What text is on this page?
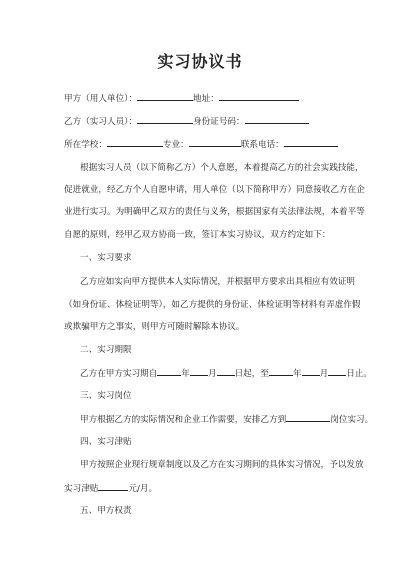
实习协议书
甲方（用人单位）：	地址：
乙方（实习人员）：	身份证号码：
所在学校：	专业：	联系电话：
根据实习人员（以下简称乙方）个人意愿，本着提高乙方的社会实践技能，
促进就业，经乙方个人自愿申请，用人单位（以下简称甲方）同意接收乙方在企
业进行实习。为明确甲乙双方的责任与义务，根据国家有关法律法规，本着平等
自愿的原则，经甲乙双方协商一致，签订本实习协议，双方约定如下：
一、实习要求
乙方应如实向甲方提供本人实际情况，并根据甲方要求出具相应有效证明
（如身份证、体检证明等），如乙方提供的身份证、体检证明等材料有弄虚作假
或欺骗甲方之事实，则甲方可随时解除本协议。
二、实习期限
乙方在甲方实习期自	年 月 日起，至	年 月 日止。
三、实习岗位
甲方根据乙方的实际情况和企业工作需要，安排乙方到	岗位实习。
四、实习津贴
甲方按照企业现行规章制度以及乙方在实习期间的具体实习情况，予以发放
实习津贴	元/月。
五、甲方权责
